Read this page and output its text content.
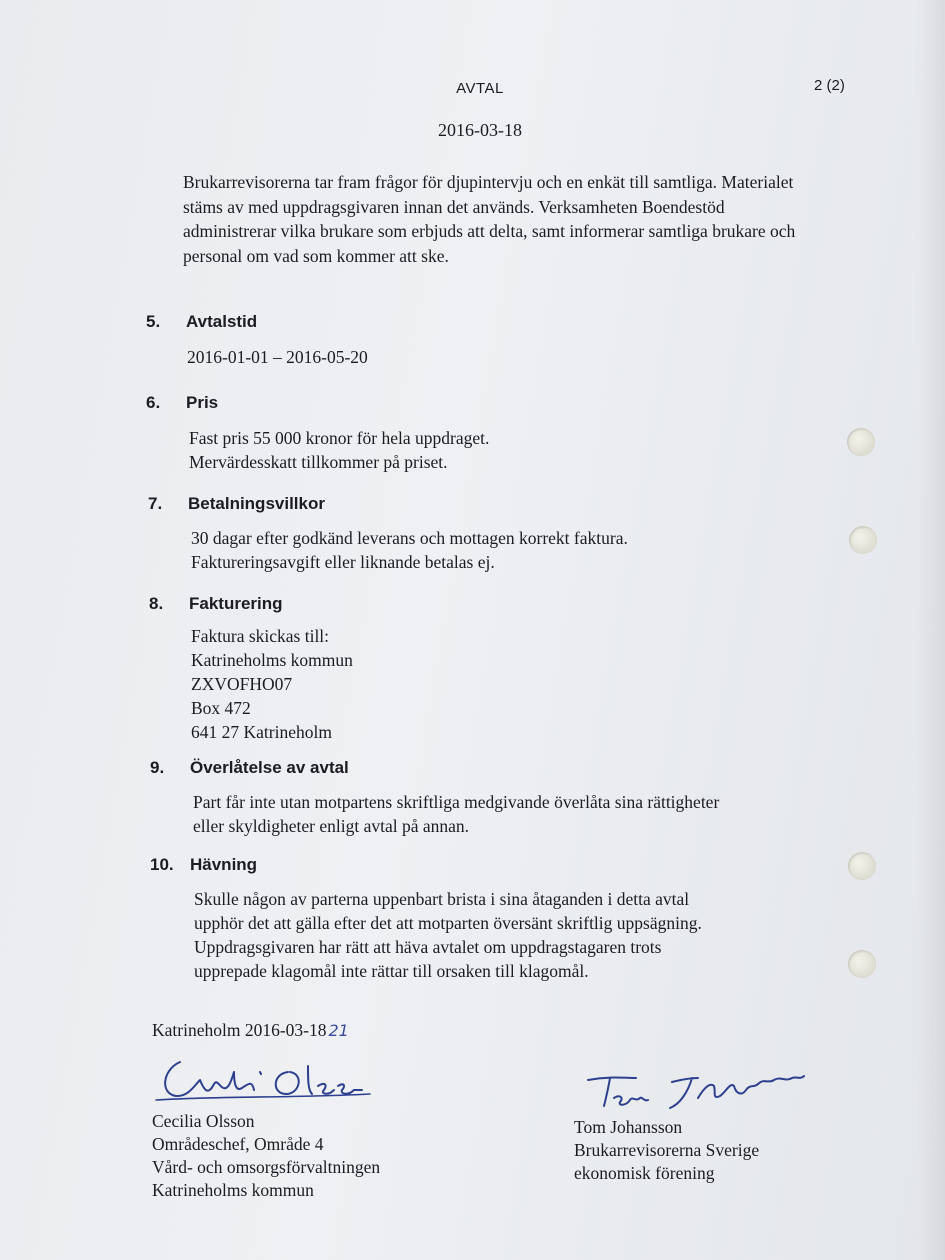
AVTAL	2 (2)
2016-03-18

Brukarrevisorerna tar fram frågor för djupintervju och en enkät till samtliga. Materialet stäms av med uppdragsgivaren innan det används. Verksamheten Boendestöd administrerar vilka brukare som erbjuds att delta, samt informerar samtliga brukare och personal om vad som kommer att ske.

5. Avtalstid

2016-01-01 – 2016-05-20

6. Pris

Fast pris 55 000 kronor för hela uppdraget.
Mervärdesskatt tillkommer på priset.

7. Betalningsvillkor

30 dagar efter godkänd leverans och mottagen korrekt faktura.
Faktureringsavgift eller liknande betalas ej.

8. Fakturering

Faktura skickas till:
Katrineholms kommun
ZXVOFHO07
Box 472
641 27 Katrineholm

9. Överlåtelse av avtal

Part får inte utan motpartens skriftliga medgivande överlåta sina rättigheter
eller skyldigheter enligt avtal på annan.

10. Hävning

Skulle någon av parterna uppenbart brista i sina åtaganden i detta avtal
upphör det att gälla efter det att motparten översänt skriftlig uppsägning.
Uppdragsgivaren har rätt att häva avtalet om uppdragstagaren trots
upprepade klagomål inte rättar till orsaken till klagomål.

Katrineholm 2016-03-18 21

Cecilia Olsson
Områdeschef, Område 4
Vård- och omsorgsförvaltningen
Katrineholms kommun

Tom Johansson
Brukarrevisorerna Sverige
ekonomisk förening
